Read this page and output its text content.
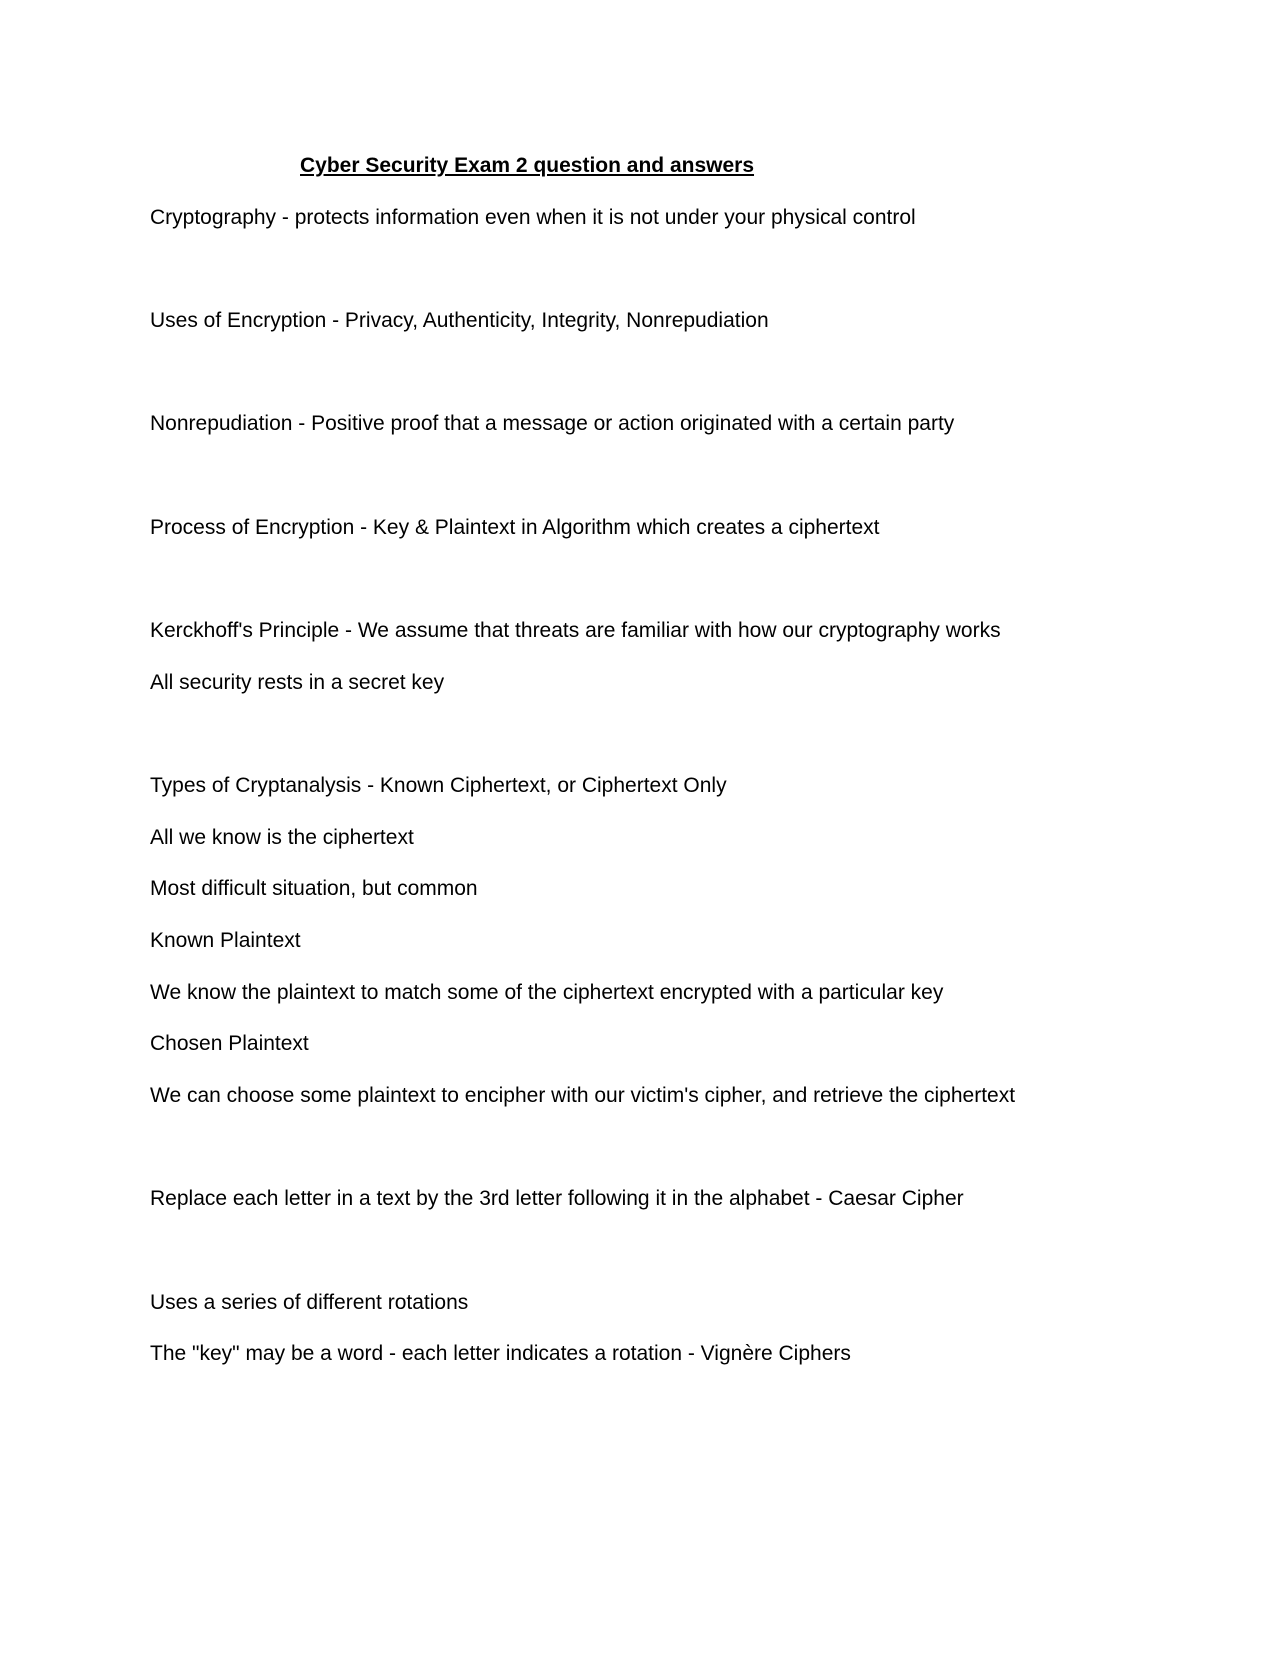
Cyber Security Exam 2 question and answers
Cryptography - protects information even when it is not under your physical control
Uses of Encryption - Privacy, Authenticity, Integrity, Nonrepudiation
Nonrepudiation - Positive proof that a message or action originated with a certain party
Process of Encryption - Key & Plaintext in Algorithm which creates a ciphertext
Kerckhoff's Principle - We assume that threats are familiar with how our cryptography works
All security rests in a secret key
Types of Cryptanalysis - Known Ciphertext, or Ciphertext Only
All we know is the ciphertext
Most difficult situation, but common
Known Plaintext
We know the plaintext to match some of the ciphertext encrypted with a particular key
Chosen Plaintext
We can choose some plaintext to encipher with our victim's cipher, and retrieve the ciphertext
Replace each letter in a text by the 3rd letter following it in the alphabet - Caesar Cipher
Uses a series of different rotations
The "key" may be a word - each letter indicates a rotation - Vignère Ciphers
